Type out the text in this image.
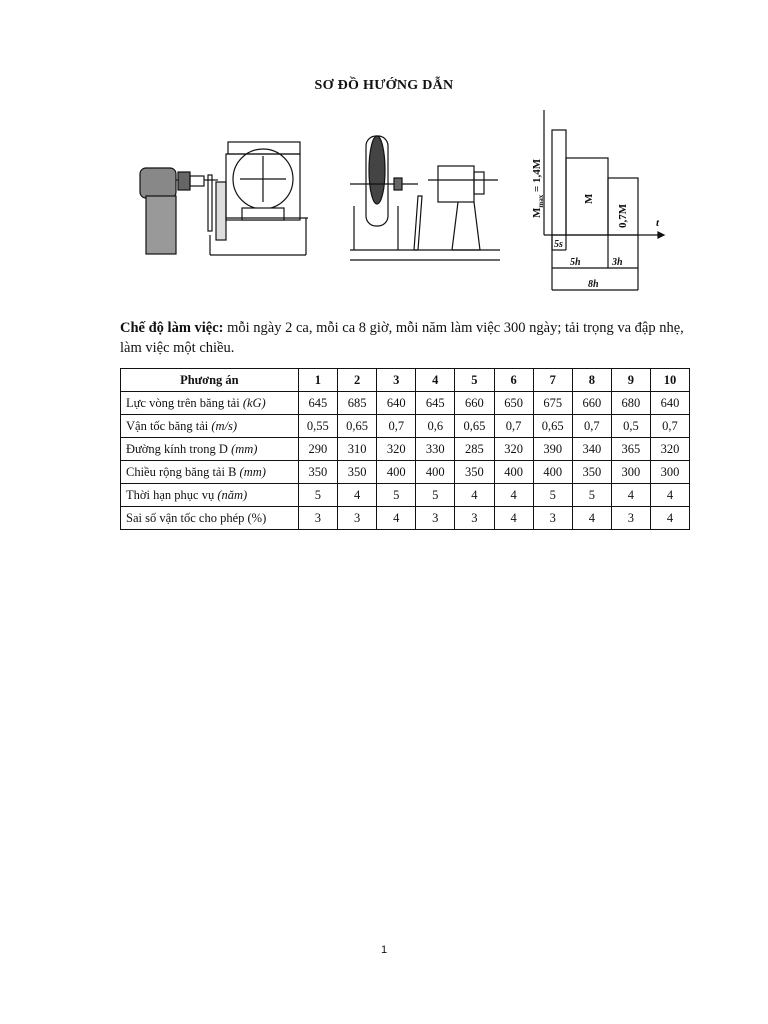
SƠ ĐỒ HƯỚNG DẪN
$M_{max} = 1,4M$
M
0,7M t
5s
5h	3h
8h
Chế độ làm việc: mỗi ngày 2 ca, mỗi ca 8 giờ, mỗi năm làm việc 300 ngày; tải trọng va đập nhẹ, làm việc một chiều.
Phương án	1	2	3	4	5	6	7	8	9	10
Lực vòng trên băng tải (kG)	645	685	640	645	660	650	675	660	680	640
Vận tốc băng tải (m/s)	0,55	0,65	0,7	0,6	0,65	0,7	0,65	0,7	0,5	0,7
Đường kính trong D (mm)	290	310	320	330	285	320	390	340	365	320
Chiều rộng băng tải B (mm)	350	350	400	400	350	400	400	350	300	300
Thời hạn phục vụ (năm)	5	4	5	5	4	4	5	5	4	4
Sai số vận tốc cho phép (%)	3	3	4	3	3	4	3	4	3	4
1
